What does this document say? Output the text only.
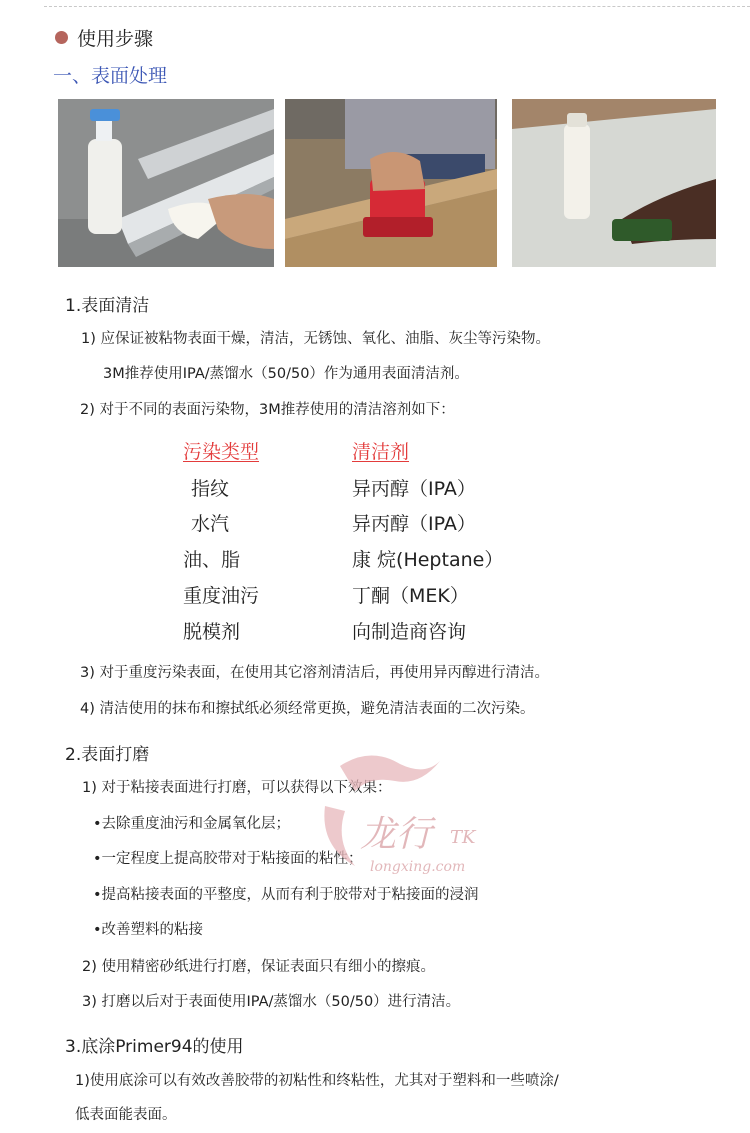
使用步骤
一、表面处理
1.表面清洁
1) 应保证被粘物表面干燥，清洁，无锈蚀、氧化、油脂、灰尘等污染物。
3M推荐使用IPA/蒸馏水（50/50）作为通用表面清洁剂。
2) 对于不同的表面污染物，3M推荐使用的清洁溶剂如下：
污染类型	清洁剂
指纹	异丙醇（IPA）
水汽	异丙醇（IPA）
油、脂	康 烷(Heptane）
重度油污	丁酮（MEK）
脱模剂	向制造商咨询
3) 对于重度污染表面，在使用其它溶剂清洁后，再使用异丙醇进行清洁。
4) 清洁使用的抹布和擦拭纸必须经常更换，避免清洁表面的二次污染。
2.表面打磨
1) 对于粘接表面进行打磨，可以获得以下效果：
•去除重度油污和金属氧化层；
•一定程度上提高胶带对于粘接面的粘性；
•提高粘接表面的平整度，从而有利于胶带对于粘接面的浸润
•改善塑料的粘接
2) 使用精密砂纸进行打磨，保证表面只有细小的擦痕。
3) 打磨以后对于表面使用IPA/蒸馏水（50/50）进行清洁。
3.底涂Primer94的使用
1)使用底涂可以有效改善胶带的初粘性和终粘性，尤其对于塑料和一些喷涂/
低表面能表面。
龙行 TK
longxing.com
